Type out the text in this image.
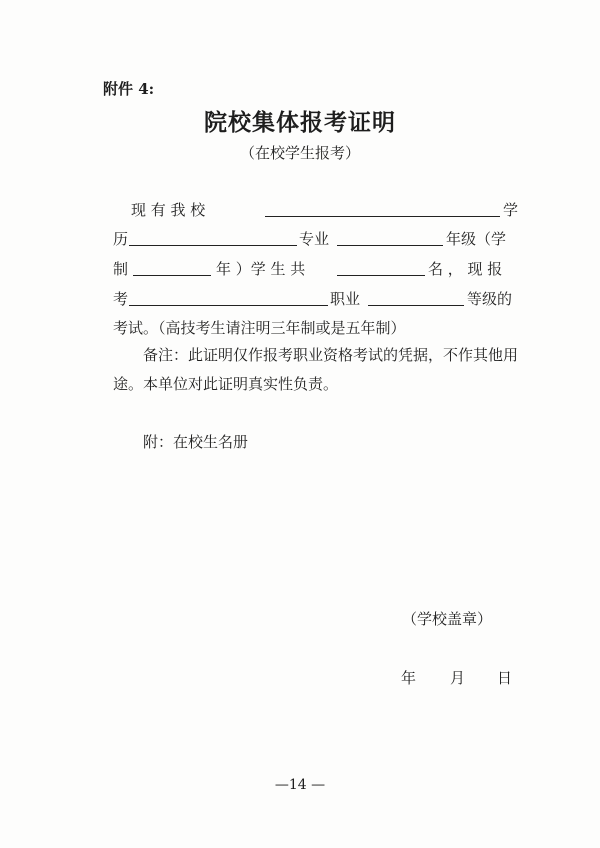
附件 4:
院校集体报考证明
（在校学生报考）
现 有 我 校	学
历	专业	年级（学
制	年 ）学 生 共	名 ， 现 报
考	职业	等级的
考试。（高技考生请注明三年制或是五年制）
备注：此证明仅作报考职业资格考试的凭据，不作其他用途。本单位对此证明真实性负责。
附：在校生名册
（学校盖章）
年 月 日
—14 —
